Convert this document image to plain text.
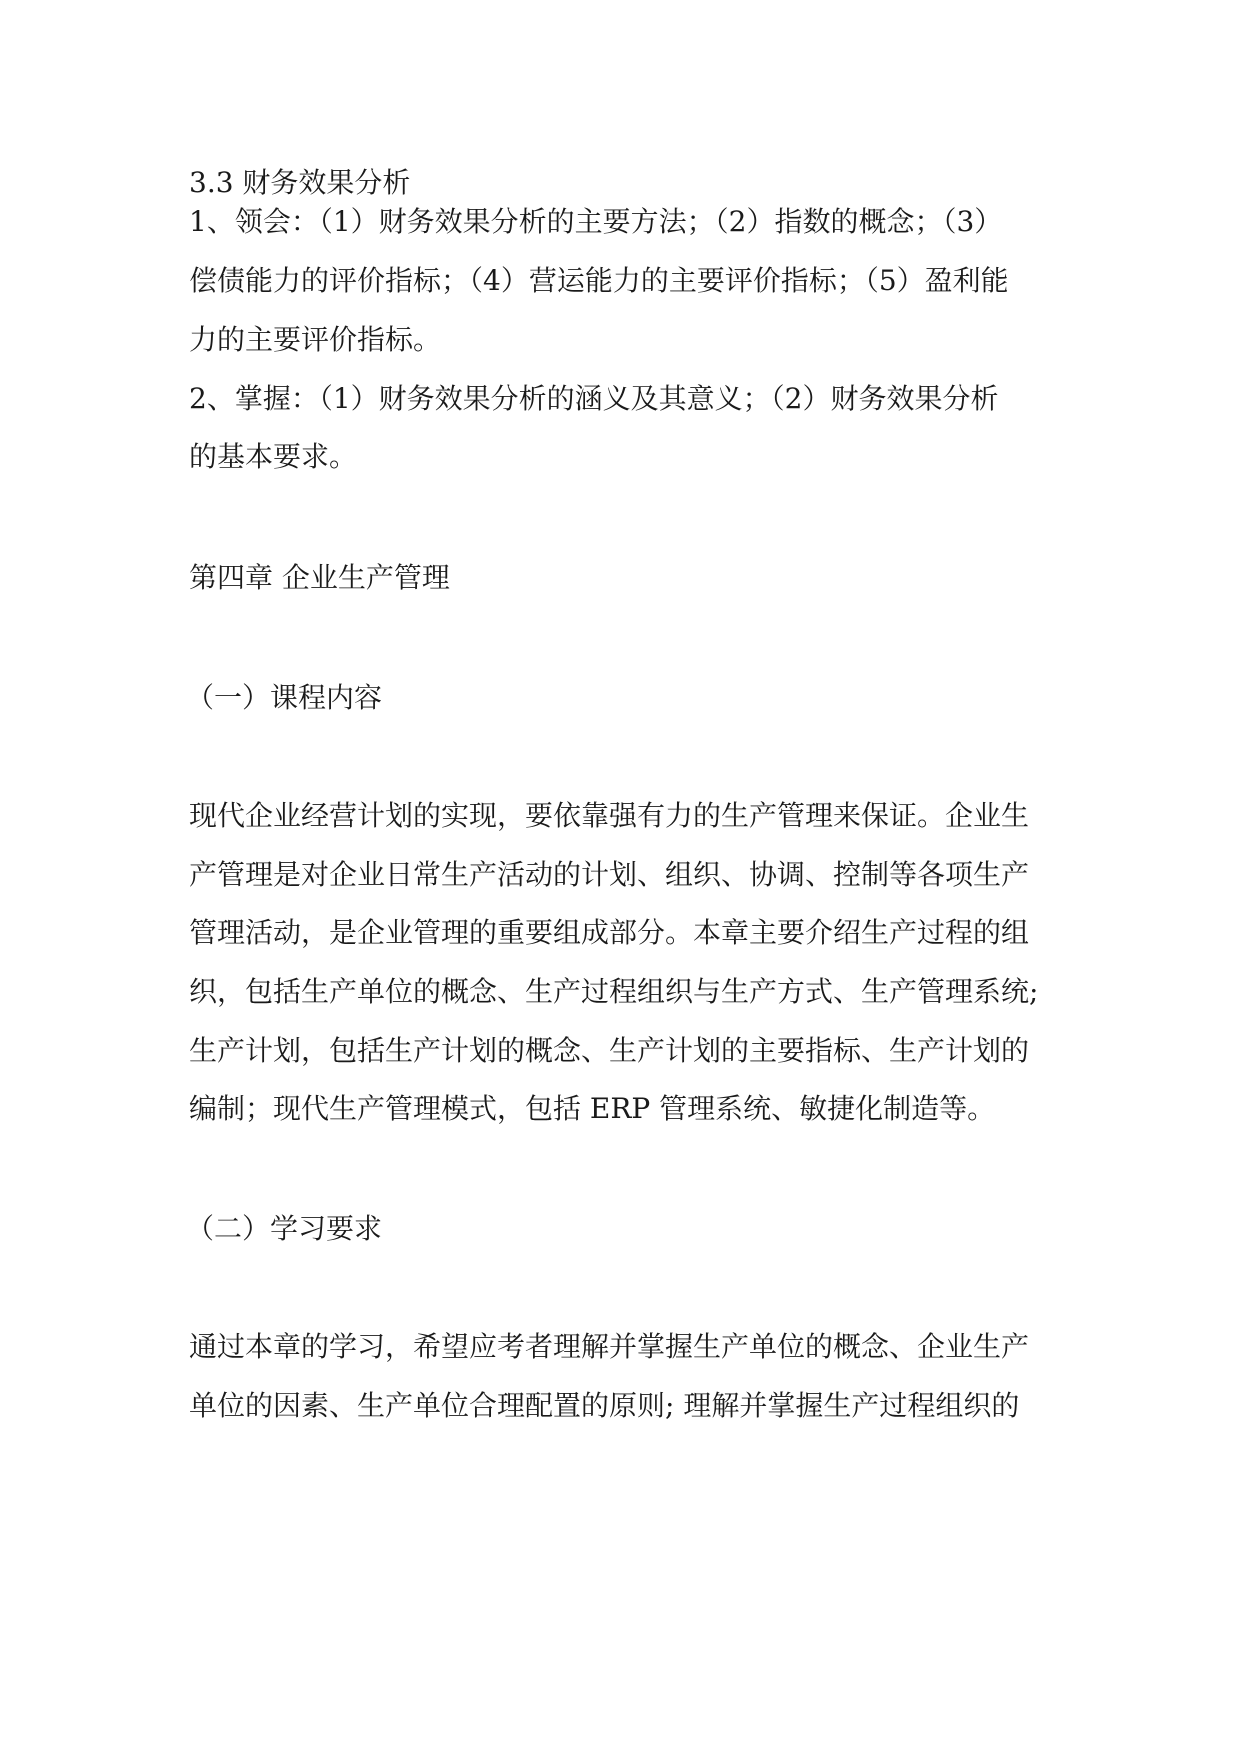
3.3 财务效果分析
1、领会：（1）财务效果分析的主要方法；（2）指数的概念；（3）
偿债能力的评价指标；（4）营运能力的主要评价指标；（5）盈利能
力的主要评价指标。
2、掌握：（1）财务效果分析的涵义及其意义；（2）财务效果分析
的基本要求。
第四章 企业生产管理
（一）课程内容
现代企业经营计划的实现，要依靠强有力的生产管理来保证。企业生
产管理是对企业日常生产活动的计划、组织、协调、控制等各项生产
管理活动，是企业管理的重要组成部分。本章主要介绍生产过程的组
织，包括生产单位的概念、生产过程组织与生产方式、生产管理系统;
生产计划，包括生产计划的概念、生产计划的主要指标、生产计划的
编制；现代生产管理模式，包括 ERP 管理系统、敏捷化制造等。
（二）学习要求
通过本章的学习，希望应考者理解并掌握生产单位的概念、企业生产
单位的因素、生产单位合理配置的原则; 理解并掌握生产过程组织的
